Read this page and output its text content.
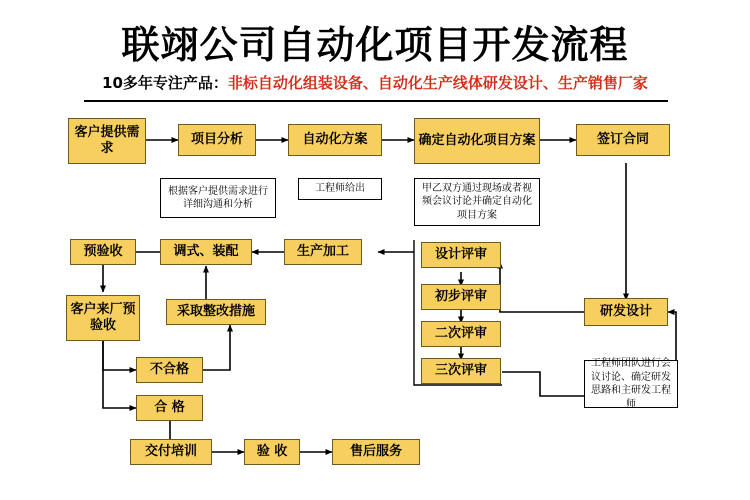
联翊公司自动化项目开发流程
10多年专注产品：非标自动化组装设备、自动化生产线体研发设计、生产销售厂家
客户提供需求
项目分析	自动化方案	确定自动化项目方案	签订合同
根据客户提供需求进行详细沟通和分析
工程师给出	甲乙双方通过现场或者视频会议讨论并确定自动化项目方案
预验收	调式、装配	生产加工	设计评审
初步评审
二次评审
三次评审
研发设计
工程师团队进行会议讨论、确定研发思路和主研发工程师
客户来厂预验收
采取整改措施
不合格
合 格
交付培训	验 收	售后服务
